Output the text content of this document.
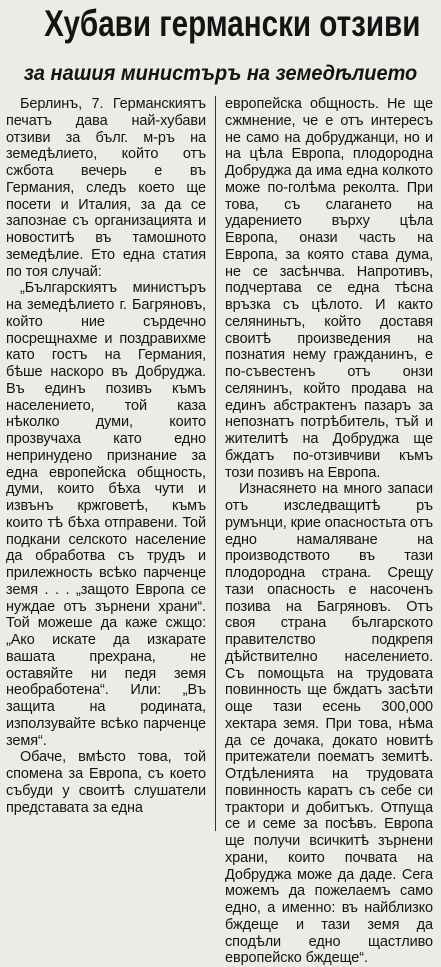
Хубави германски отзиви
за нашия министъръ на земедѣлието

Берлинъ, 7. Германскиятъ печатъ дава най-хубави отзиви за бълг. м-ръ на земедѣлието, който отъ сжбота вечерь е въ Германия, следъ което ще посети и Италия, за да се запознае съ организацията и новоститѣ въ тамошното земедѣлие. Ето една статия по тоя случай:

„Българскиятъ министъръ на земедѣлието г. Багряновъ, който ние сърдечно посрещнахме и поздравихме като гостъ на Германия, бѣше наскоро въ Добруджа. Въ единъ позивъ къмъ населението, той каза нѣколко думи, които прозвучаха като едно непринудено признание за една европейска общность, думи, които бѣха чути и извънъ кржговетѣ, къмъ които тѣ бѣха отправени. Той подкани селското население да обработва съ трудъ и прилежность всѣко парченце земя . . . „защото Европа се нуждае отъ зърнени храни“. Той можеше да каже сжщо: „Ако искате да изкарате вашата прехрана, не оставяйте ни педя земя необработена“. Или: „Въ защита на родината, използувайте всѣко парченце земя“.

Обаче, вмѣсто това, той спомена за Европа, съ което събуди у своитѣ слушатели представата за една

европейска общность. Не ще сжмнение, че е отъ интересъ не само на добруджанци, но и на цѣла Европа, плодородна Добруджа да има една колкото може по-голѣма реколта. При това, съ слагането на ударението върху цѣла Европа, онази часть на Европа, за която става дума, не се засѣнчва. Напротивъ, подчертава се една тѣсна връзка съ цѣлото. И както селяниньтъ, който доставя своитѣ произведения на познатия нему гражданинъ, е по-съвестенъ отъ онзи селянинъ, който продава на единъ абстрактенъ пазаръ за непознатъ потрѣбитель, тъй и жителитѣ на Добруджа ще бждатъ по-отзивчиви къмъ този позивъ на Европа.

Изнасянето на много запаси отъ изследващитѣ ръ румънци, крие опасностьта отъ едно намаляване на производството въ тази плодородна страна. Срещу тази опасность е насоченъ позива на Багряновъ. Отъ своя страна българското правителство подкрепя дѣйствително населението. Съ помощьта на трудовата повинность ще бждатъ засѣти още тази есень 300,000 хектара земя. При това, нѣма да се дочака, докато новитѣ притежатели поематъ земитѣ. Отдѣленията на трудовата повинность каратъ съ себе си трактори и добитъкъ. Отпуща се и семе за посѣвъ. Европа ще получи всичкитѣ зърнени храни, които почвата на Добруджа може да даде. Сега можемъ да пожелаемъ само едно, а именно: въ найблизко бждеще и тази земя да сподѣли едно щастливо европейско бждеще“.
